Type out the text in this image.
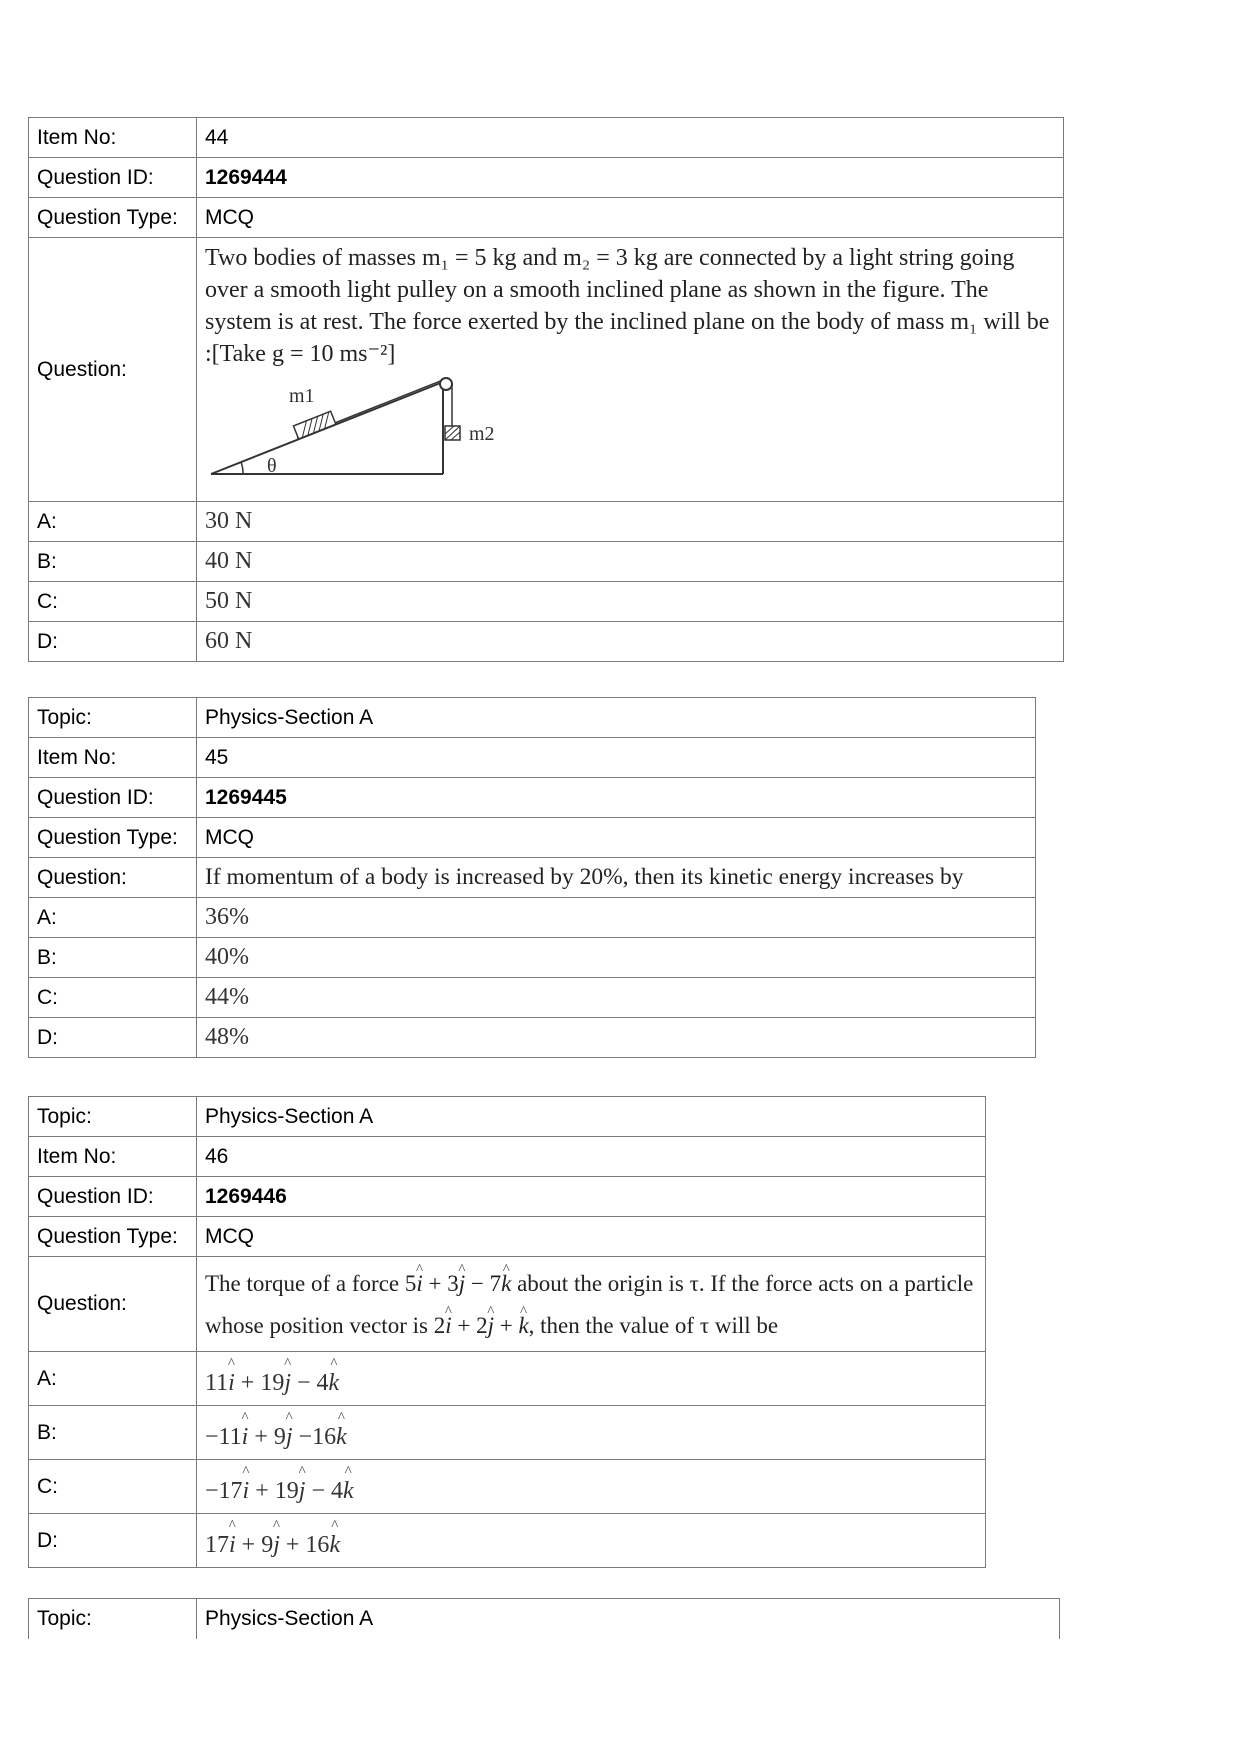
Item No:	44
Question ID:	1269444
Question Type:	MCQ
Question:	Two bodies of masses m₁ = 5 kg and m₂ = 3 kg are connected by a light string going over a smooth light pulley on a smooth inclined plane as shown in the figure. The system is at rest. The force exerted by the inclined plane on the body of mass m₁ will be :[Take g = 10 ms⁻²]
m1
m2
θ

A:	30 N
B:	40 N
C:	50 N
D:	60 N
Topic:	Physics-Section A
Item No:	45
Question ID:	1269445
Question Type:	MCQ
Question:	If momentum of a body is increased by 20%, then its kinetic energy increases by
A:	36%
B:	40%
C:	44%
D:	48%
Topic:	Physics-Section A
Item No:	46
Question ID:	1269446
Question Type:	MCQ
Question:	The torque of a force 5^ i + 3^ j − 7^ k about the origin is τ. If the force acts on a particle whose position vector is 2^ i + 2^ j + ^ k, then the value of τ will be
A:	11^ i + 19^ j − 4^ k
B:	−11^ i + 9^ j −16^ k
C:	−17^ i + 19^ j − 4^ k
D:	17^ i + 9^ j + 16^ k
Topic:	Physics-Section A
